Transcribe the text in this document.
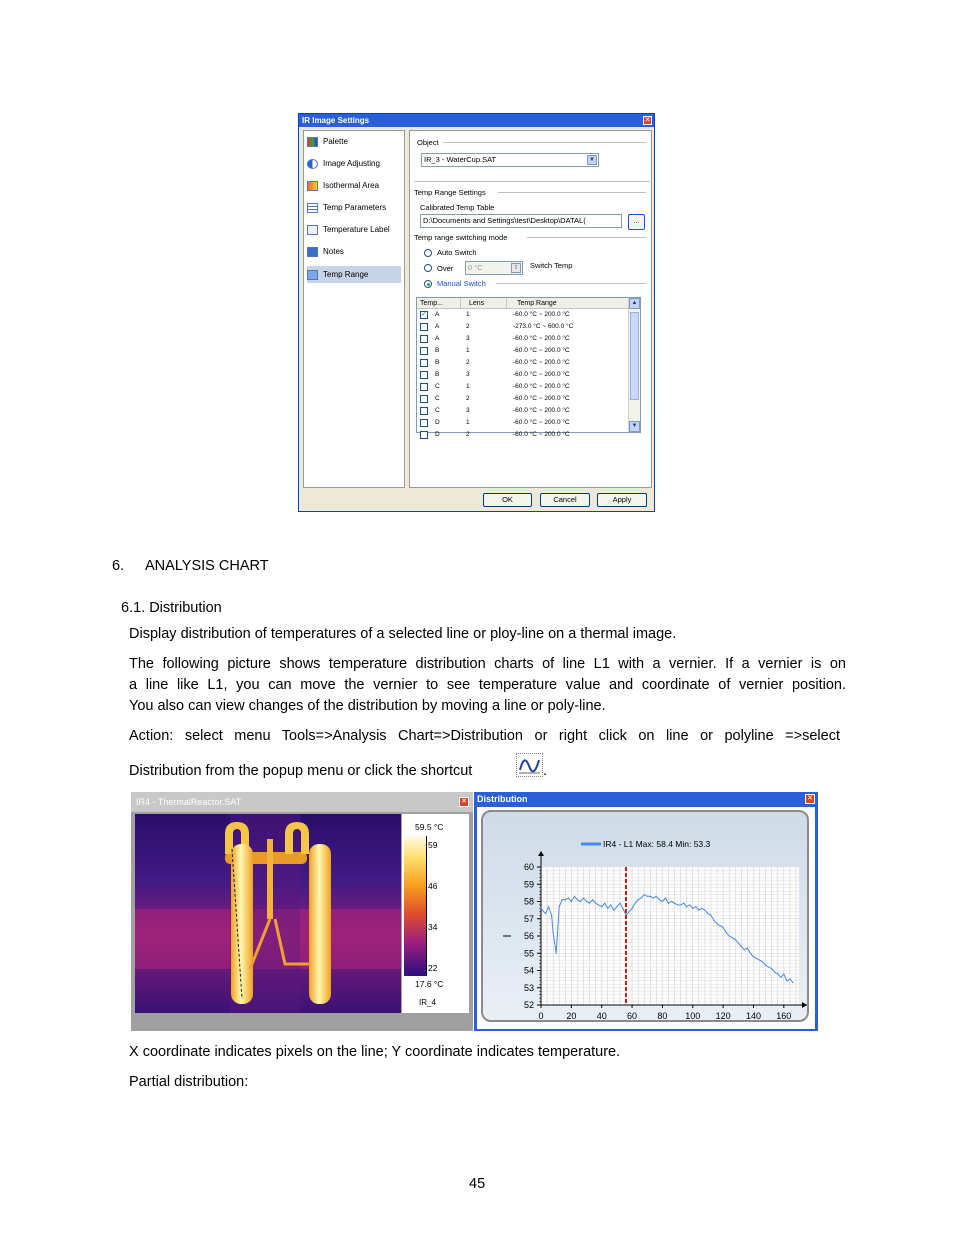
IR Image Settings	✕
Palette
Image Adjusting
Isothermal Area
Temp Parameters
Temperature Label
Notes
Temp Range
Object
IR_3 - WaterCup.SAT	▼
Temp Range Settings
Calibrated Temp Table
D:\Documents and Settings\test\Desktop\DATAL(	...
Temp range switching mode
Auto Switch
Over	0 °C	⇕	Switch Temp
Manual Switch
Temp...	Lens	Temp Range
✓ A	1	-60.0 °C ~ 200.0 °C
A	2	-273.0 °C ~ 600.0 °C
A	3	-60.0 °C ~ 200.0 °C
B	1	-60.0 °C ~ 200.0 °C
B	2	-60.0 °C ~ 200.0 °C
B	3	-60.0 °C ~ 200.0 °C
C	1	-60.0 °C ~ 200.0 °C
C	2	-60.0 °C ~ 200.0 °C
C	3	-60.0 °C ~ 200.0 °C
D	1	-60.0 °C ~ 200.0 °C
D	2	-60.0 °C ~ 200.0 °C
▲
▼
OK	Cancel	Apply
6. ANALYSIS CHART
6.1. Distribution
Display distribution of temperatures of a selected line or ploy-line on a thermal image.
The following picture shows temperature distribution charts of line L1 with a vernier. If a vernier is on
a line like L1, you can move the vernier to see temperature value and coordinate of vernier position.
You also can view changes of the distribution by moving a line or poly-line.
Action: select menu Tools=>Analysis Chart=>Distribution or right click on line or polyline =>select
Distribution from the popup menu or click the shortcut	.
IR4 - ThermalReactor.SAT	✕
59.5 °C
59
46
34
22
17.6 °C
IR_4
Distribution	✕
0	20 40 60 80 100 120 140 160
52
53
54
55
56
57
58
59
60
IR4 - L1 Max: 58.4 Min: 53.3
X coordinate indicates pixels on the line; Y coordinate indicates temperature.
Partial distribution:
45
